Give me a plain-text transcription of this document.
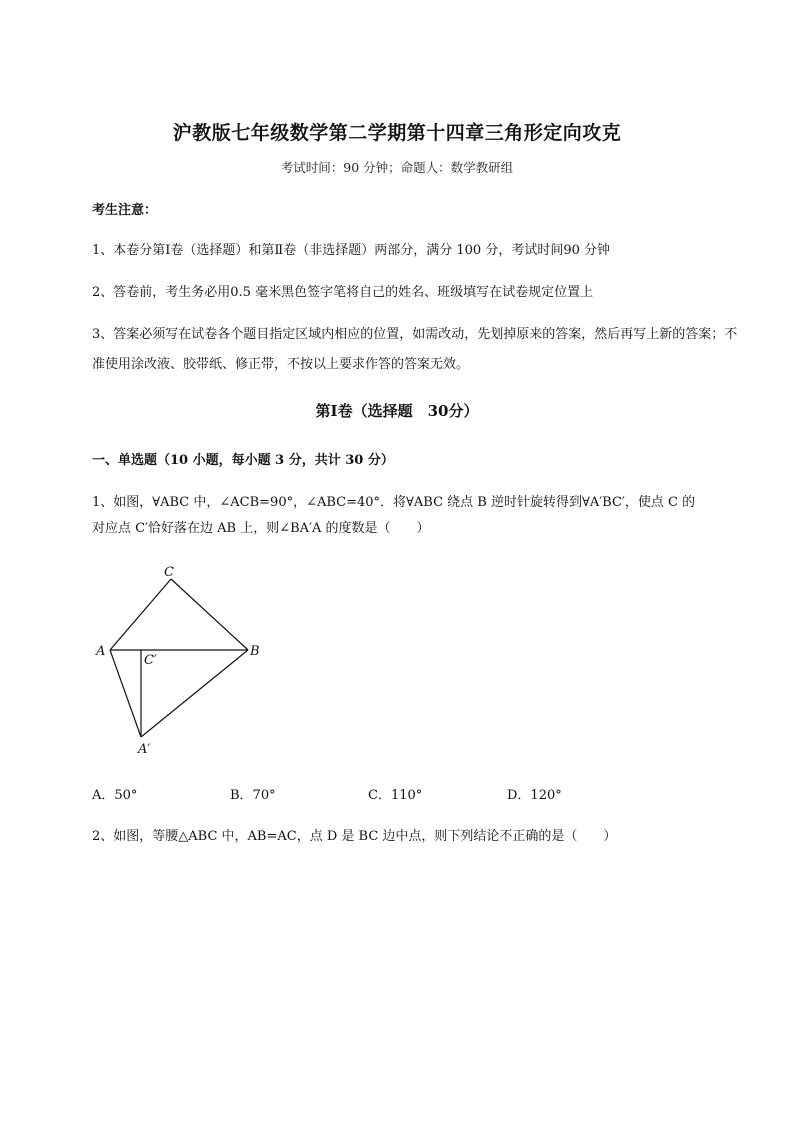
沪教版七年级数学第二学期第十四章三角形定向攻克
考试时间：90 分钟；命题人：数学教研组
考生注意：
1、本卷分第Ⅰ卷（选择题）和第Ⅱ卷（非选择题）两部分，满分 100 分，考试时间90 分钟
2、答卷前，考生务必用0.5 毫米黑色签字笔将自己的姓名、班级填写在试卷规定位置上
3、答案必须写在试卷各个题目指定区域内相应的位置，如需改动，先划掉原来的答案，然后再写上新的答案；不准使用涂改液、胶带纸、修正带，不按以上要求作答的答案无效。
第Ⅰ卷（选择题　30分）
一、单选题（10 小题，每小题 3 分，共计 30 分）
1、如图，∀ABC 中，∠ACB=90°，∠ABC=40°．将∀ABC 绕点 B 逆时针旋转得到∀A′BC′，使点 C 的
对应点 C′恰好落在边 AB 上，则∠BA′A 的度数是（　　）
C
A	B
C′
A′
A．50°	B．70°	C．110°	D．120°
2、如图，等腰△ABC 中，AB=AC，点 D 是 BC 边中点，则下列结论不正确的是（　　）
